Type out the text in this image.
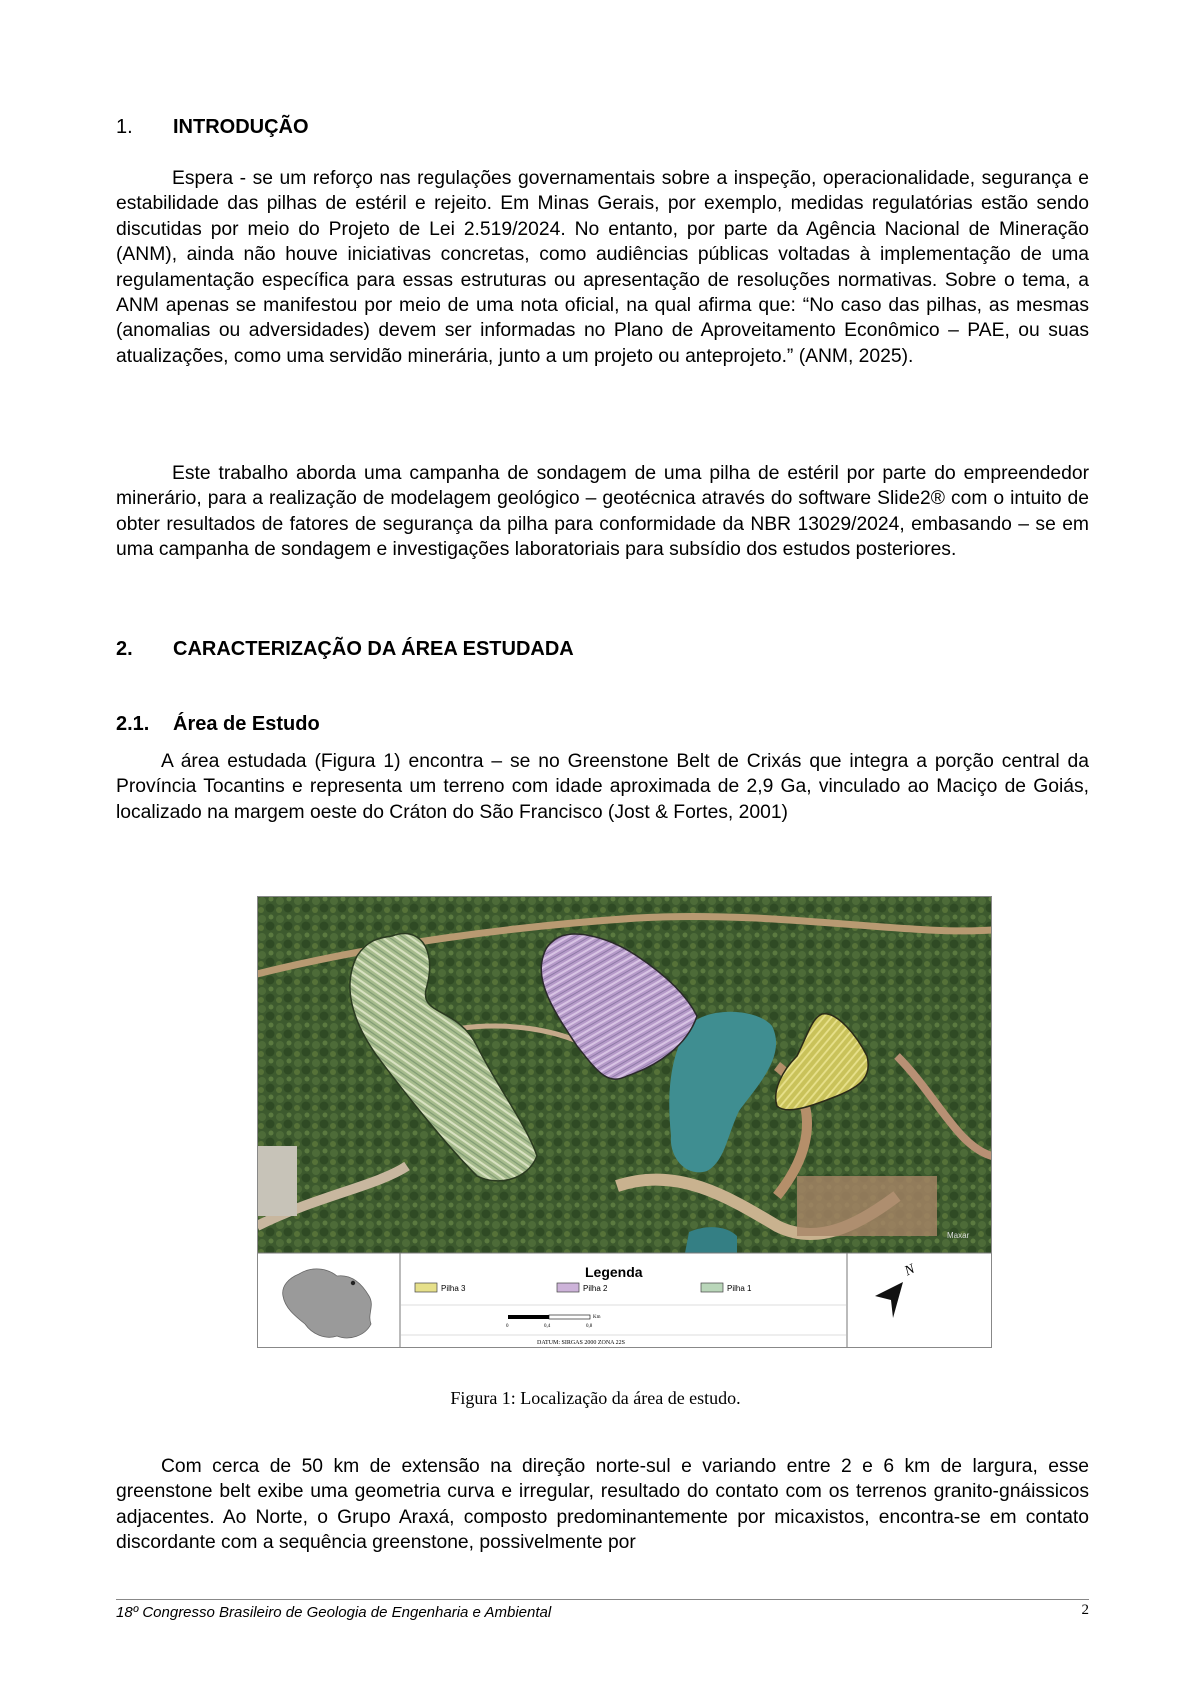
1. INTRODUÇÃO

Espera - se um reforço nas regulações governamentais sobre a inspeção, operacionalidade, segurança e estabilidade das pilhas de estéril e rejeito. Em Minas Gerais, por exemplo, medidas regulatórias estão sendo discutidas por meio do Projeto de Lei 2.519/2024. No entanto, por parte da Agência Nacional de Mineração (ANM), ainda não houve iniciativas concretas, como audiências públicas voltadas à implementação de uma regulamentação específica para essas estruturas ou apresentação de resoluções normativas. Sobre o tema, a ANM apenas se manifestou por meio de uma nota oficial, na qual afirma que: “No caso das pilhas, as mesmas (anomalias ou adversidades) devem ser informadas no Plano de Aproveitamento Econômico – PAE, ou suas atualizações, como uma servidão minerária, junto a um projeto ou anteprojeto.” (ANM, 2025).

Este trabalho aborda uma campanha de sondagem de uma pilha de estéril por parte do empreendedor minerário, para a realização de modelagem geológico – geotécnica através do software Slide2® com o intuito de obter resultados de fatores de segurança da pilha para conformidade da NBR 13029/2024, embasando – se em uma campanha de sondagem e investigações laboratoriais para subsídio dos estudos posteriores.

2. CARACTERIZAÇÃO DA ÁREA ESTUDADA
2.1. Área de Estudo

A área estudada (Figura 1) encontra – se no Greenstone Belt de Crixás que integra a porção central da Província Tocantins e representa um terreno com idade aproximada de 2,9 Ga, vinculado ao Maciço de Goiás, localizado na margem oeste do Cráton do São Francisco (Jost & Fortes, 2001)

Maxar
Legenda
Pilha 3	Pilha 2	Pilha 1
0	0,4	0,8
Km
DATUM: SIRGAS 2000 ZONA 22S
N
Figura 1: Localização da área de estudo.

Com cerca de 50 km de extensão na direção norte-sul e variando entre 2 e 6 km de largura, esse greenstone belt exibe uma geometria curva e irregular, resultado do contato com os terrenos granito-gnáissicos adjacentes. Ao Norte, o Grupo Araxá, composto predominantemente por micaxistos, encontra-se em contato discordante com a sequência greenstone, possivelmente por

18º Congresso Brasileiro de Geologia de Engenharia e Ambiental	2
